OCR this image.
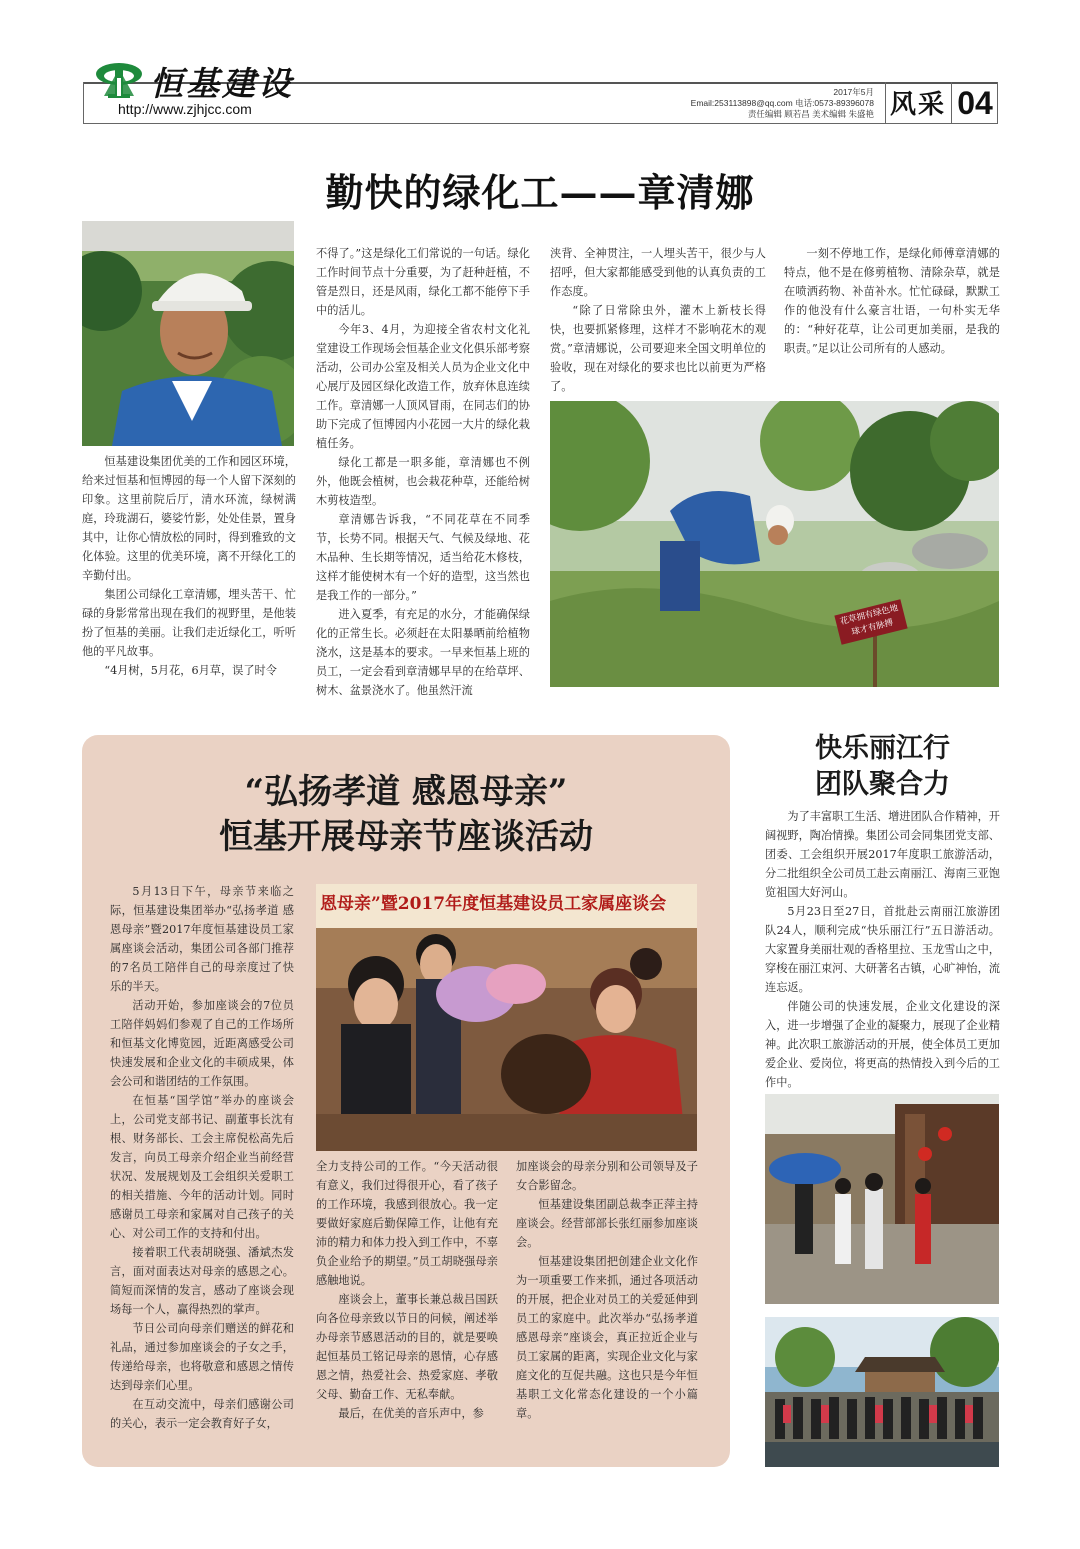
恒基建设
http://www.zjhjcc.com
2017年5月
Email:253113898@qq.com 电话:0573-89396078
责任编辑 顾若昌 美术编辑 朱盛艳 风采 04
勤快的绿化工——章清娜

恒基建设集团优美的工作和园区环境，给来过恒基和恒博园的每一个人留下深刻的印象。这里前院后厅，清水环流，绿树满庭，玲珑湖石，婆娑竹影，处处佳景，置身其中，让你心情放松的同时，得到雅致的文化体验。这里的优美环境，离不开绿化工的辛勤付出。

集团公司绿化工章清娜，埋头苦干、忙碌的身影常常出现在我们的视野里，是他装扮了恒基的美丽。让我们走近绿化工，听听他的平凡故事。

“4月树，5月花，6月草，误了时令

不得了。”这是绿化工们常说的一句话。绿化工作时间节点十分重要，为了赶种赶植，不管是烈日，还是风雨，绿化工都不能停下手中的活儿。

今年3、4月，为迎接全省农村文化礼堂建设工作现场会恒基企业文化俱乐部考察活动，公司办公室及相关人员为企业文化中心展厅及园区绿化改造工作，放弃休息连续工作。章清娜一人顶风冒雨，在同志们的协助下完成了恒博园内小花园一大片的绿化栽植任务。

绿化工都是一职多能，章清娜也不例外，他既会植树，也会栽花种草，还能给树木剪枝造型。

章清娜告诉我，“不同花草在不同季节，长势不同。根据天气、气候及绿地、花木品种、生长期等情况，适当给花木修枝，这样才能使树木有一个好的造型，这当然也是我工作的一部分。”

进入夏季，有充足的水分，才能确保绿化的正常生长。必须赶在太阳暴晒前给植物浇水，这是基本的要求。一早来恒基上班的员工，一定会看到章清娜早早的在给草坪、树木、盆景浇水了。他虽然汗流

浃背、全神贯注，一人埋头苦干，很少与人招呼，但大家都能感受到他的认真负责的工作态度。

“除了日常除虫外，灌木上新枝长得快，也要抓紧修理，这样才不影响花木的观赏。”章清娜说，公司要迎来全国文明单位的验收，现在对绿化的要求也比以前更为严格了。

一刻不停地工作，是绿化师傅章清娜的特点，他不是在修剪植物、清除杂草，就是在喷洒药物、补苗补水。忙忙碌碌，默默工作的他没有什么豪言壮语，一句朴实无华的：“种好花草，让公司更加美丽，是我的职责。”足以让公司所有的人感动。

花草拥有绿色地球才有脉搏
“弘扬孝道 感恩母亲”
恒基开展母亲节座谈活动

5月13日下午，母亲节来临之际，恒基建设集团举办“弘扬孝道 感恩母亲”暨2017年度恒基建设员工家属座谈会活动，集团公司各部门推荐的7名员工陪伴自己的母亲度过了快乐的半天。

活动开始，参加座谈会的7位员工陪伴妈妈们参观了自己的工作场所和恒基文化博览园，近距离感受公司快速发展和企业文化的丰硕成果，体会公司和谐团结的工作氛围。

在恒基“国学馆”举办的座谈会上，公司党支部书记、副董事长沈有根、财务部长、工会主席倪松高先后发言，向员工母亲介绍企业当前经营状况、发展规划及工会组织关爱职工的相关措施、今年的活动计划。同时感谢员工母亲和家属对自己孩子的关心、对公司工作的支持和付出。

接着职工代表胡晓强、潘斌杰发言，面对面表达对母亲的感恩之心。简短而深情的发言，感动了座谈会现场每一个人，赢得热烈的掌声。

节日公司向母亲们赠送的鲜花和礼品，通过参加座谈会的子女之手，传递给母亲，也将敬意和感恩之情传达到母亲们心里。

在互动交流中，母亲们感谢公司的关心，表示一定会教育好子女，

恩母亲”暨2017年度恒基建设员工家属座谈会

全力支持公司的工作。“今天活动很有意义，我们过得很开心，看了孩子的工作环境，我感到很放心。我一定要做好家庭后勤保障工作，让他有充沛的精力和体力投入到工作中，不辜负企业给予的期望。”员工胡晓强母亲感触地说。

座谈会上，董事长兼总裁吕国跃向各位母亲致以节日的问候，阐述举办母亲节感恩活动的目的，就是要唤起恒基员工铭记母亲的恩情，心存感恩之情，热爱社会、热爱家庭、孝敬父母、勤奋工作、无私奉献。

最后，在优美的音乐声中，参

加座谈会的母亲分别和公司领导及子女合影留念。

恒基建设集团副总裁李正萍主持座谈会。经营部部长张红丽参加座谈会。

恒基建设集团把创建企业文化作为一项重要工作来抓，通过各项活动的开展，把企业对员工的关爱延伸到员工的家庭中。此次举办“弘扬孝道 感恩母亲”座谈会，真正拉近企业与员工家属的距离，实现企业文化与家庭文化的互促共融。这也只是今年恒基职工文化常态化建设的一个小篇章。

快乐丽江行
团队聚合力

为了丰富职工生活、增进团队合作精神，开阔视野，陶冶情操。集团公司会同集团党支部、团委、工会组织开展2017年度职工旅游活动，分二批组织全公司员工赴云南丽江、海南三亚饱览祖国大好河山。

5月23日至27日，首批赴云南丽江旅游团队24人，顺利完成“快乐丽江行”五日游活动。大家置身美丽壮观的香格里拉、玉龙雪山之中，穿梭在丽江束河、大研著名古镇，心旷神怡，流连忘返。

伴随公司的快速发展，企业文化建设的深入，进一步增强了企业的凝聚力，展现了企业精神。此次职工旅游活动的开展，使全体员工更加爱企业、爱岗位，将更高的热情投入到今后的工作中。
